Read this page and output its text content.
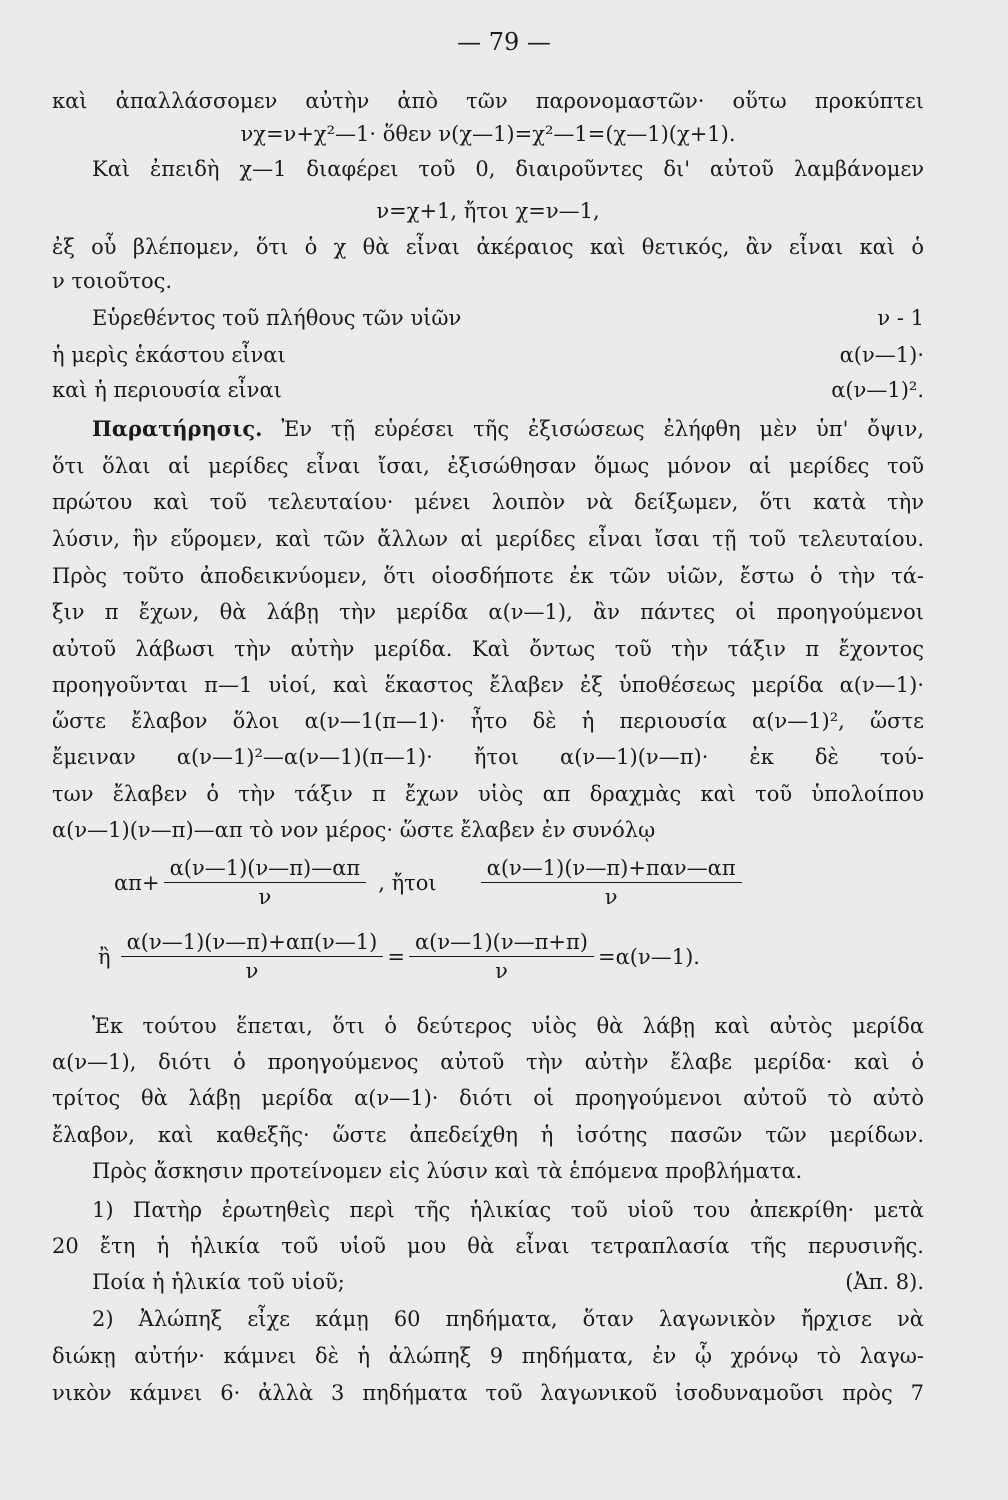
— 79 —
καὶ ἀπαλλάσσομεν αὐτὴν ἀπὸ τῶν παρονομαστῶν· οὕτω προκύπτει
νχ=ν+χ²—1· ὅθεν ν(χ—1)=χ²—1=(χ—1)(χ+1).
Καὶ ἐπειδὴ χ—1 διαφέρει τοῦ 0, διαιροῦντες δι' αὐτοῦ λαμβάνομεν
ν=χ+1, ἤτοι χ=ν—1,
ἐξ οὗ βλέπομεν, ὅτι ὁ χ θὰ εἶναι ἀκέραιος καὶ θετικός, ἂν εἶναι καὶ ὁ
ν τοιοῦτος.
Εὑρεθέντος τοῦ πλήθους τῶν υἱῶν	ν - 1
ἡ μερὶς ἑκάστου εἶναι	α(ν—1)·
καὶ ἡ περιουσία εἶναι	α(ν—1)².
Παρατήρησις. Ἐν τῇ εὑρέσει τῆς ἐξισώσεως ἐλήφθη μὲν ὑπ' ὄψιν,
ὅτι ὅλαι αἱ μερίδες εἶναι ἴσαι, ἐξισώθησαν ὅμως μόνον αἱ μερίδες τοῦ
πρώτου καὶ τοῦ τελευταίου· μένει λοιπὸν νὰ δείξωμεν, ὅτι κατὰ τὴν
λύσιν, ἣν εὕρομεν, καὶ τῶν ἄλλων αἱ μερίδες εἶναι ἴσαι τῇ τοῦ τελευταίου.
Πρὸς τοῦτο ἀποδεικνύομεν, ὅτι οἱοσδήποτε ἐκ τῶν υἱῶν, ἔστω ὁ τὴν τά-
ξιν π ἔχων, θὰ λάβῃ τὴν μερίδα α(ν—1), ἂν πάντες οἱ προηγούμενοι
αὐτοῦ λάβωσι τὴν αὐτὴν μερίδα. Καὶ ὄντως τοῦ τὴν τάξιν π ἔχοντος
προηγοῦνται π—1 υἱοί, καὶ ἕκαστος ἔλαβεν ἐξ ὑποθέσεως μερίδα α(ν—1)·
ὥστε ἔλαβον ὅλοι α(ν—1(π—1)· ἦτο δὲ ἡ περιουσία α(ν—1)², ὥστε
ἔμειναν α(ν—1)²—α(ν—1)(π—1)· ἤτοι α(ν—1)(ν—π)· ἐκ δὲ τού-
των ἔλαβεν ὁ τὴν τάξιν π ἔχων υἱὸς απ δραχμὰς καὶ τοῦ ὑπολοίπου
α(ν—1)(ν—π)—απ τὸ νον μέρος· ὥστε ἔλαβεν ἐν συνόλῳ
$\alpha\pi+ \frac{\alpha(\nu—1)(\nu—\pi)—\alpha\pi}{\nu}$ , ἤτοι $\frac{\text{α(ν—1)(ν—π)+παν—απ}}{\nu}$
ἢ $\frac{\alpha(\nu—1)(\nu—\pi)+\alpha\pi(\nu—1)}{\nu} = \frac{\alpha(\nu—1)(\nu—\pi+\pi)}{\nu}$ =α(ν—1).
Ἐκ τούτου ἕπεται, ὅτι ὁ δεύτερος υἱὸς θὰ λάβῃ καὶ αὐτὸς μερίδα
α(ν—1), διότι ὁ προηγούμενος αὐτοῦ τὴν αὐτὴν ἔλαβε μερίδα· καὶ ὁ
τρίτος θὰ λάβῃ μερίδα α(ν—1)· διότι οἱ προηγούμενοι αὐτοῦ τὸ αὐτὸ
ἔλαβον, καὶ καθεξῆς· ὥστε ἀπεδείχθη ἡ ἰσότης πασῶν τῶν μερίδων.
Πρὸς ἄσκησιν προτείνομεν εἰς λύσιν καὶ τὰ ἑπόμενα προβλήματα.
1) Πατὴρ ἐρωτηθεὶς περὶ τῆς ἡλικίας τοῦ υἱοῦ του ἀπεκρίθη· μετὰ
20 ἔτη ἡ ἡλικία τοῦ υἱοῦ μου θὰ εἶναι τετραπλασία τῆς περυσινῆς.
Ποία ἡ ἡλικία τοῦ υἱοῦ;	(Ἀπ. 8).
2) Ἀλώπηξ εἶχε κάμῃ 60 πηδήματα, ὅταν λαγωνικὸν ἤρχισε νὰ
διώκῃ αὐτήν· κάμνει δὲ ἡ ἀλώπηξ 9 πηδήματα, ἐν ᾧ χρόνῳ τὸ λαγω-
νικὸν κάμνει 6· ἀλλὰ 3 πηδήματα τοῦ λαγωνικοῦ ἰσοδυναμοῦσι πρὸς 7
